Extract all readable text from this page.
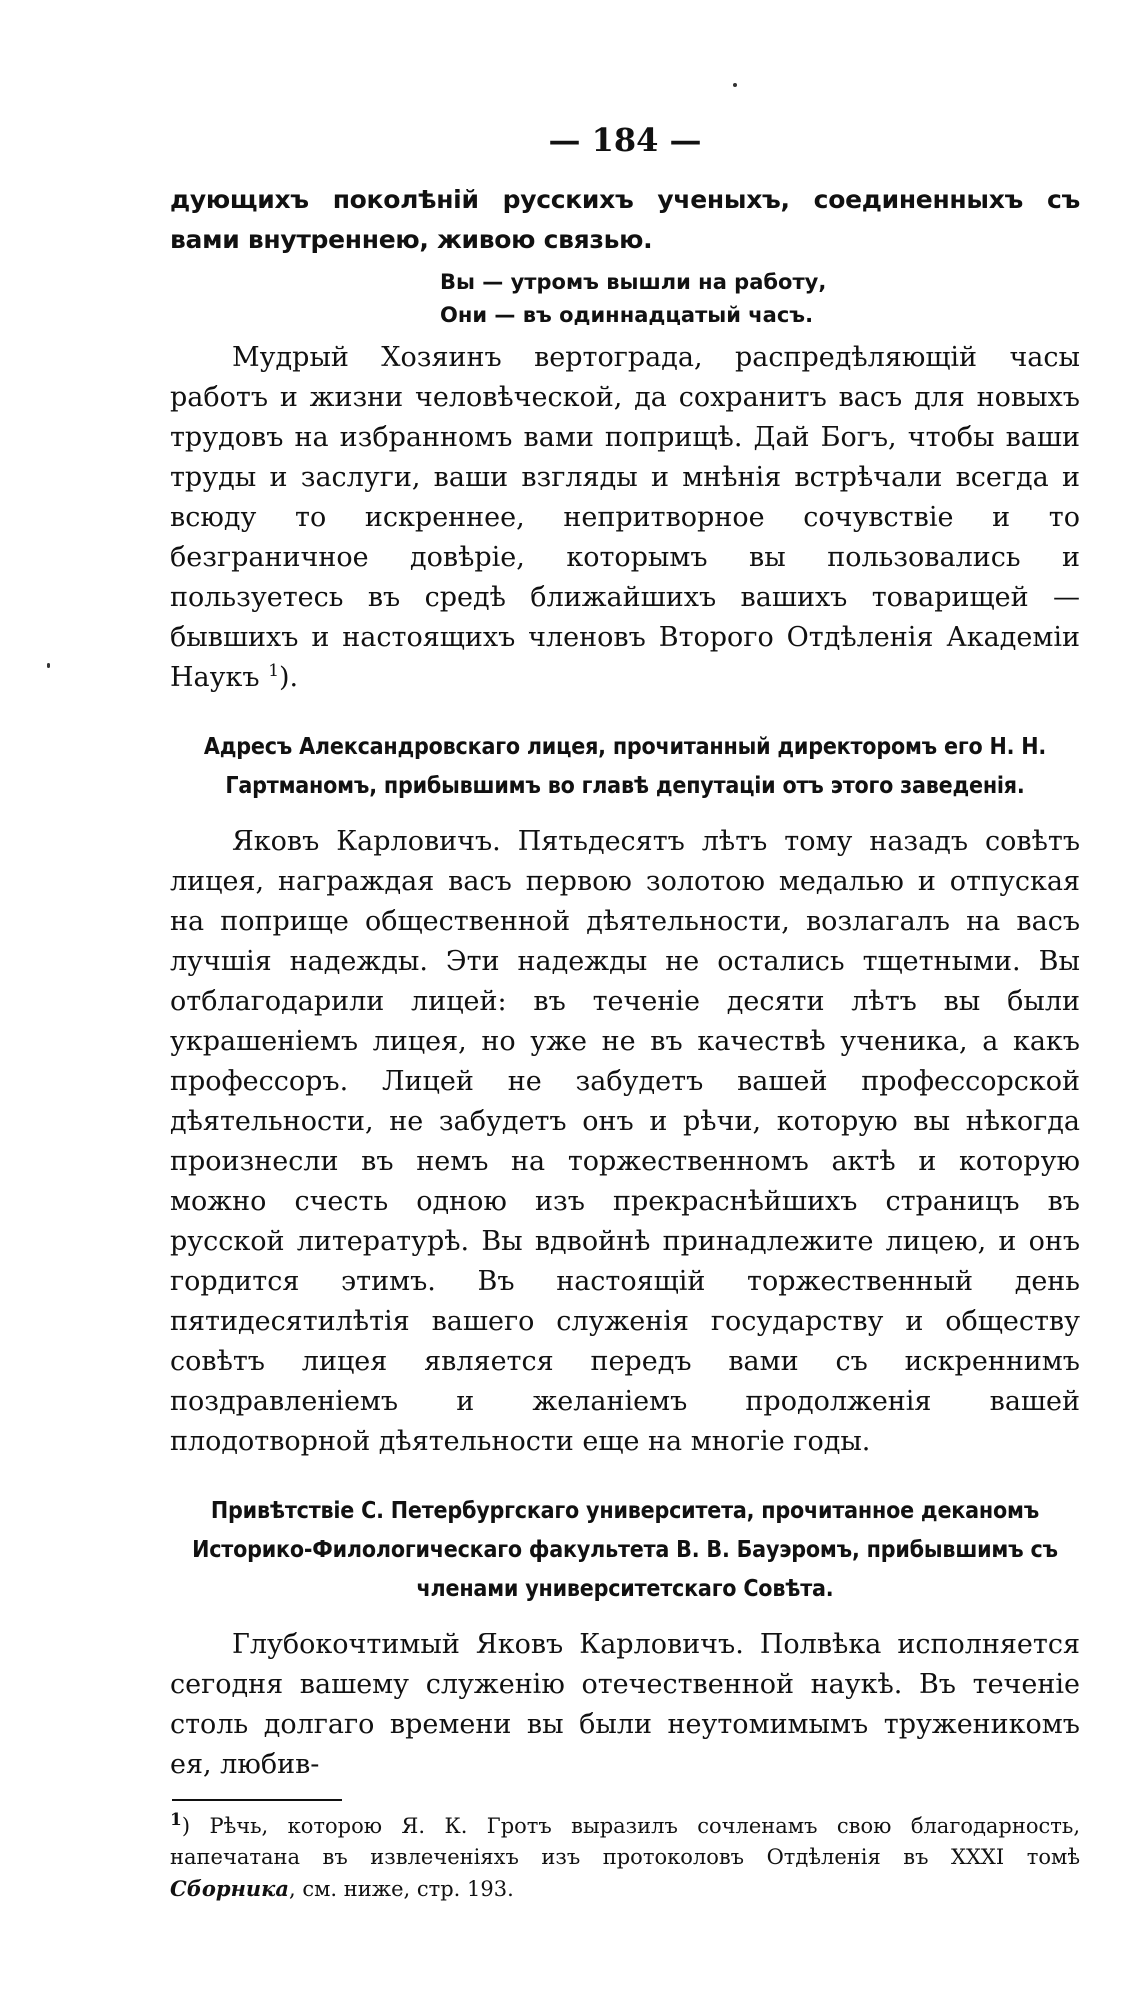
— 184 —

дующихъ поколѣній русскихъ ученыхъ, соединенныхъ съ вами внутреннею, живою связью.

Вы — утромъ вышли на работу,
Они — въ одиннадцатый часъ.

Мудрый Хозяинъ вертограда, распредѣляющій часы работъ и жизни человѣческой, да сохранитъ васъ для новыхъ трудовъ на избранномъ вами поприщѣ. Дай Богъ, чтобы ваши труды и заслуги, ваши взгляды и мнѣнія встрѣчали всегда и всюду то искреннее, непритворное сочувствіе и то безграничное довѣріе, которымъ вы пользовались и пользуетесь въ средѣ ближайшихъ вашихъ товарищей — бывшихъ и настоящихъ членовъ Второго Отдѣленія Академіи Наукъ $^1$).

Адресъ Александровскаго лицея, прочитанный директоромъ его Н. Н. Гартманомъ, прибывшимъ во главѣ депутаціи отъ этого заведенія.

Яковъ Карловичъ. Пятьдесятъ лѣтъ тому назадъ совѣтъ лицея, награждая васъ первою золотою медалью и отпуская на поприще общественной дѣятельности, возлагалъ на васъ лучшія надежды. Эти надежды не остались тщетными. Вы отблагодарили лицей: въ теченіе десяти лѣтъ вы были украшеніемъ лицея, но уже не въ качествѣ ученика, а какъ профессоръ. Лицей не забудетъ вашей профессорской дѣятельности, не забудетъ онъ и рѣчи, которую вы нѣкогда произнесли въ немъ на торжественномъ актѣ и которую можно счесть одною изъ прекраснѣйшихъ страницъ въ русской литературѣ. Вы вдвойнѣ принадлежите лицею, и онъ гордится этимъ. Въ настоящій торжественный день пятидесятилѣтія вашего служенія государству и обществу совѣтъ лицея является передъ вами съ искреннимъ поздравленіемъ и желаніемъ продолженія вашей плодотворной дѣятельности еще на многіе годы.

Привѣтствіе С. Петербургскаго университета, прочитанное деканомъ Историко-Филологическаго факультета В. В. Бауэромъ, прибывшимъ съ членами университетскаго Совѣта.

Глубокочтимый Яковъ Карловичъ. Полвѣка исполняется сегодня вашему служенію отечественной наукѣ. Въ теченіе столь долгаго времени вы были неутомимымъ труженикомъ ея, любив-

$^1$) Рѣчь, которою Я. К. Гротъ выразилъ сочленамъ свою благодарность, напечатана въ извлеченіяхъ изъ протоколовъ Отдѣленія въ XXXI томѣ Сборника, см. ниже, стр. 193.
